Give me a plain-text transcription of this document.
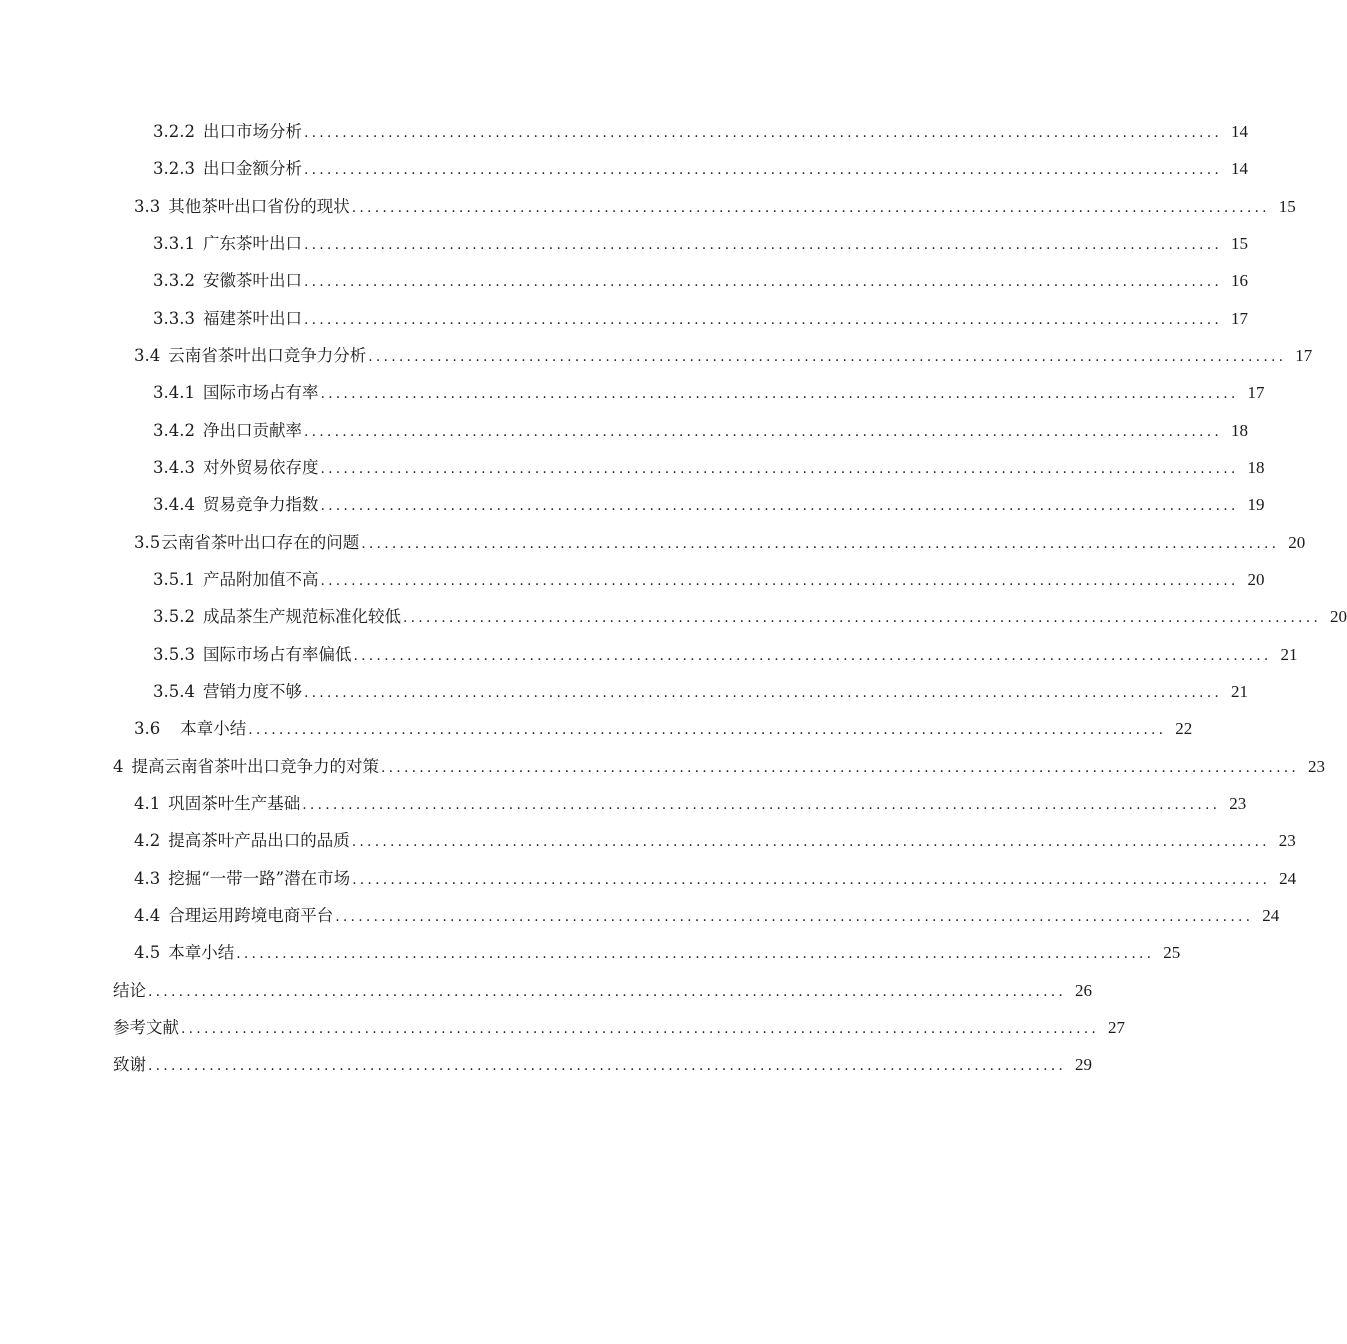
3.2.2 出口市场分析 ........................................................................................................................ 14
3.2.3 出口金额分析 ........................................................................................................................ 14
3.3 其他茶叶出口省份的现状 ........................................................................................................................ 15
3.3.1 广东茶叶出口 ........................................................................................................................ 15
3.3.2 安徽茶叶出口 ........................................................................................................................ 16
3.3.3 福建茶叶出口 ........................................................................................................................ 17
3.4 云南省茶叶出口竞争力分析 ........................................................................................................................ 17
3.4.1 国际市场占有率 ........................................................................................................................ 17
3.4.2 净出口贡献率 ........................................................................................................................ 18
3.4.3 对外贸易依存度 ........................................................................................................................ 18
3.4.4 贸易竞争力指数 ........................................................................................................................ 19
3.5云南省茶叶出口存在的问题 ........................................................................................................................ 20
3.5.1 产品附加值不高 ........................................................................................................................ 20
3.5.2 成品茶生产规范标准化较低 ........................................................................................................................ 20
3.5.3 国际市场占有率偏低 ........................................................................................................................ 21
3.5.4 营销力度不够 ........................................................................................................................ 21
3.6 本章小结 ........................................................................................................................ 22
4 提高云南省茶叶出口竞争力的对策 ........................................................................................................................ 23
4.1 巩固茶叶生产基础 ........................................................................................................................ 23
4.2 提高茶叶产品出口的品质 ........................................................................................................................ 23
4.3 挖掘“一带一路”潜在市场 ........................................................................................................................ 24
4.4 合理运用跨境电商平台 ........................................................................................................................ 24
4.5 本章小结 ........................................................................................................................ 25
结论 ........................................................................................................................ 26
参考文献 ........................................................................................................................ 27
致谢 ........................................................................................................................ 29
